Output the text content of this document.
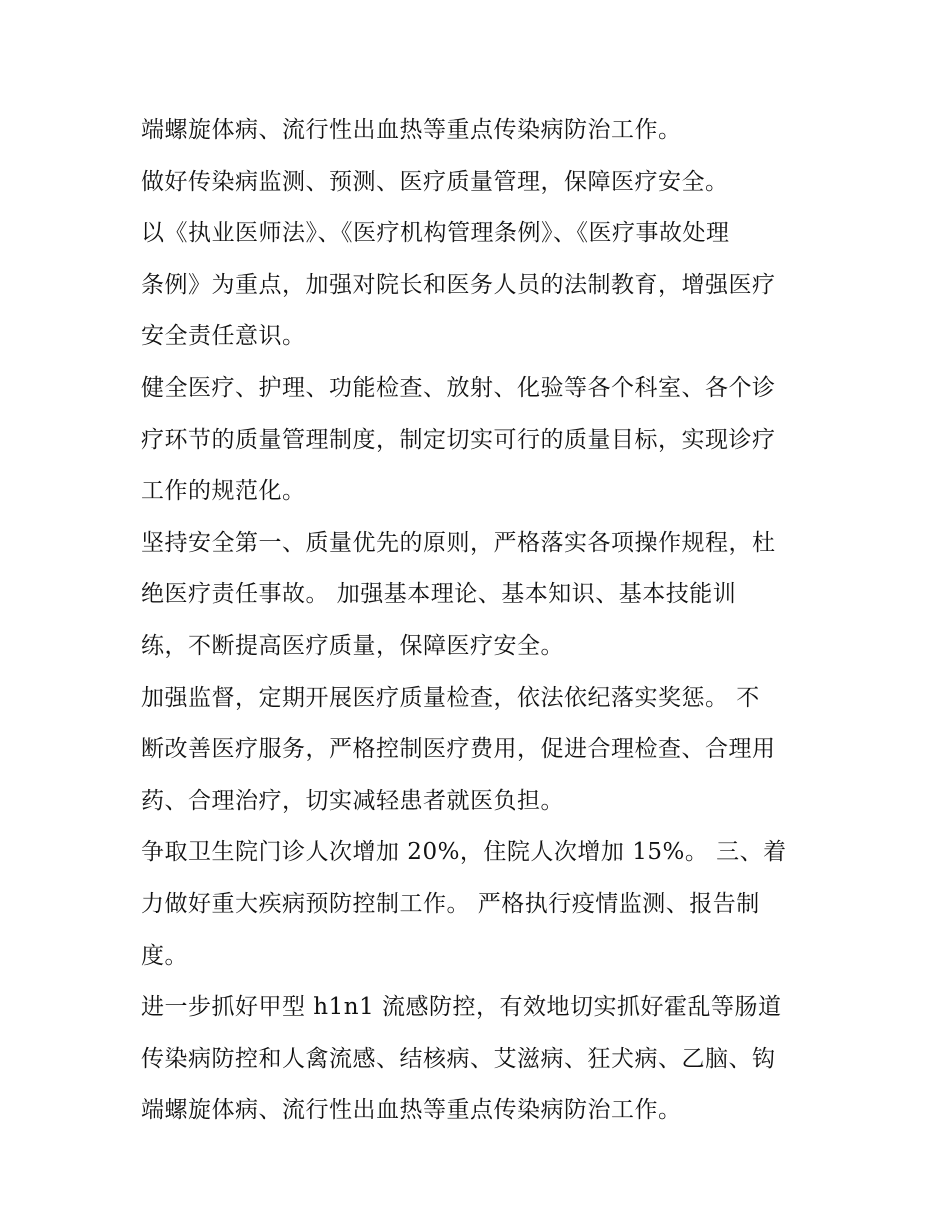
端螺旋体病、流行性出血热等重点传染病防治工作。
做好传染病监测、预测、医疗质量管理，保障医疗安全。
以《执业医师法》、《医疗机构管理条例》、《医疗事故处理
条例》为重点，加强对院长和医务人员的法制教育，增强医疗
安全责任意识。
健全医疗、护理、功能检查、放射、化验等各个科室、各个诊
疗环节的质量管理制度，制定切实可行的质量目标，实现诊疗
工作的规范化。
坚持安全第一、质量优先的原则，严格落实各项操作规程，杜
绝医疗责任事故。 加强基本理论、基本知识、基本技能训
练，不断提高医疗质量，保障医疗安全。
加强监督，定期开展医疗质量检查，依法依纪落实奖惩。 不
断改善医疗服务，严格控制医疗费用，促进合理检查、合理用
药、合理治疗，切实减轻患者就医负担。
争取卫生院门诊人次增加 20%，住院人次增加 15%。 三、着
力做好重大疾病预防控制工作。 严格执行疫情监测、报告制
度。
进一步抓好甲型 h1n1 流感防控，有效地切实抓好霍乱等肠道
传染病防控和人禽流感、结核病、艾滋病、狂犬病、乙脑、钩
端螺旋体病、流行性出血热等重点传染病防治工作。
